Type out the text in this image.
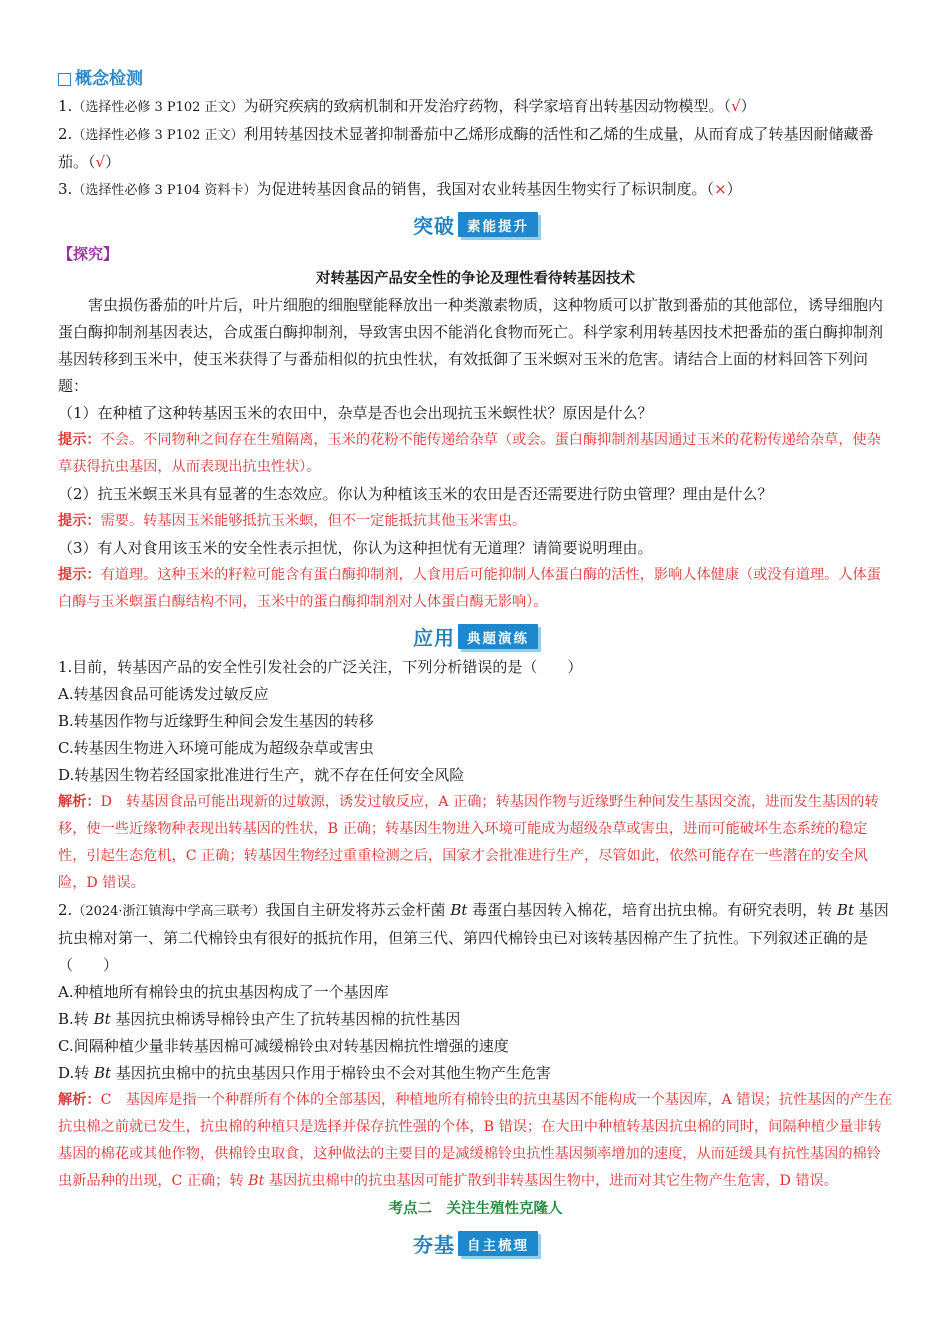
概念检测

1.（选择性必修 3 P102 正文）为研究疾病的致病机制和开发治疗药物，科学家培育出转基因动物模型。（√）

2.（选择性必修 3 P102 正文）利用转基因技术显著抑制番茄中乙烯形成酶的活性和乙烯的生成量，从而育成了转基因耐储藏番茄。（√）

3.（选择性必修 3 P104 资料卡）为促进转基因食品的销售，我国对农业转基因生物实行了标识制度。（×）

突破 素能提升

【探究】

对转基因产品安全性的争论及理性看待转基因技术

害虫损伤番茄的叶片后，叶片细胞的细胞壁能释放出一种类激素物质，这种物质可以扩散到番茄的其他部位，诱导细胞内蛋白酶抑制剂基因表达，合成蛋白酶抑制剂，导致害虫因不能消化食物而死亡。科学家利用转基因技术把番茄的蛋白酶抑制剂基因转移到玉米中，使玉米获得了与番茄相似的抗虫性状，有效抵御了玉米螟对玉米的危害。请结合上面的材料回答下列问题：

（1）在种植了这种转基因玉米的农田中，杂草是否也会出现抗玉米螟性状？原因是什么？

提示：不会。不同物种之间存在生殖隔离，玉米的花粉不能传递给杂草（或会。蛋白酶抑制剂基因通过玉米的花粉传递给杂草，使杂草获得抗虫基因，从而表现出抗虫性状）。

（2）抗玉米螟玉米具有显著的生态效应。你认为种植该玉米的农田是否还需要进行防虫管理？理由是什么？

提示：需要。转基因玉米能够抵抗玉米螟，但不一定能抵抗其他玉米害虫。

（3）有人对食用该玉米的安全性表示担忧，你认为这种担忧有无道理？请简要说明理由。

提示：有道理。这种玉米的籽粒可能含有蛋白酶抑制剂，人食用后可能抑制人体蛋白酶的活性，影响人体健康（或没有道理。人体蛋白酶与玉米螟蛋白酶结构不同，玉米中的蛋白酶抑制剂对人体蛋白酶无影响）。

应用 典题演练

1.目前，转基因产品的安全性引发社会的广泛关注，下列分析错误的是（　　）

A.转基因食品可能诱发过敏反应

B.转基因作物与近缘野生种间会发生基因的转移

C.转基因生物进入环境可能成为超级杂草或害虫

D.转基因生物若经国家批准进行生产，就不存在任何安全风险

解析：D　 转基因食品可能出现新的过敏源，诱发过敏反应，A 正确；转基因作物与近缘野生种间发生基因交流，进而发生基因的转移，使一些近缘物种表现出转基因的性状，B 正确；转基因生物进入环境可能成为超级杂草或害虫，进而可能破坏生态系统的稳定性，引起生态危机，C 正确；转基因生物经过重重检测之后，国家才会批准进行生产，尽管如此，依然可能存在一些潜在的安全风险，D 错误。

2.（2024·浙江镇海中学高三联考）我国自主研发将苏云金杆菌 Bt 毒蛋白基因转入棉花，培育出抗虫棉。有研究表明，转 Bt 基因抗虫棉对第一、第二代棉铃虫有很好的抵抗作用，但第三代、第四代棉铃虫已对该转基因棉产生了抗性。下列叙述正确的是（　　）

A.种植地所有棉铃虫的抗虫基因构成了一个基因库

B.转 Bt 基因抗虫棉诱导棉铃虫产生了抗转基因棉的抗性基因

C.间隔种植少量非转基因棉可减缓棉铃虫对转基因棉抗性增强的速度

D.转 Bt 基因抗虫棉中的抗虫基因只作用于棉铃虫不会对其他生物产生危害

解析：C　 基因库是指一个种群所有个体的全部基因，种植地所有棉铃虫的抗虫基因不能构成一个基因库，A 错误；抗性基因的产生在抗虫棉之前就已发生，抗虫棉的种植只是选择并保存抗性强的个体，B 错误；在大田中种植转基因抗虫棉的同时，间隔种植少量非转基因的棉花或其他作物，供棉铃虫取食，这种做法的主要目的是减缓棉铃虫抗性基因频率增加的速度，从而延缓具有抗性基因的棉铃虫新品种的出现，C 正确；转 Bt 基因抗虫棉中的抗虫基因可能扩散到非转基因生物中，进而对其它生物产生危害，D 错误。

考点二　关注生殖性克隆人

夯基 自主梳理
